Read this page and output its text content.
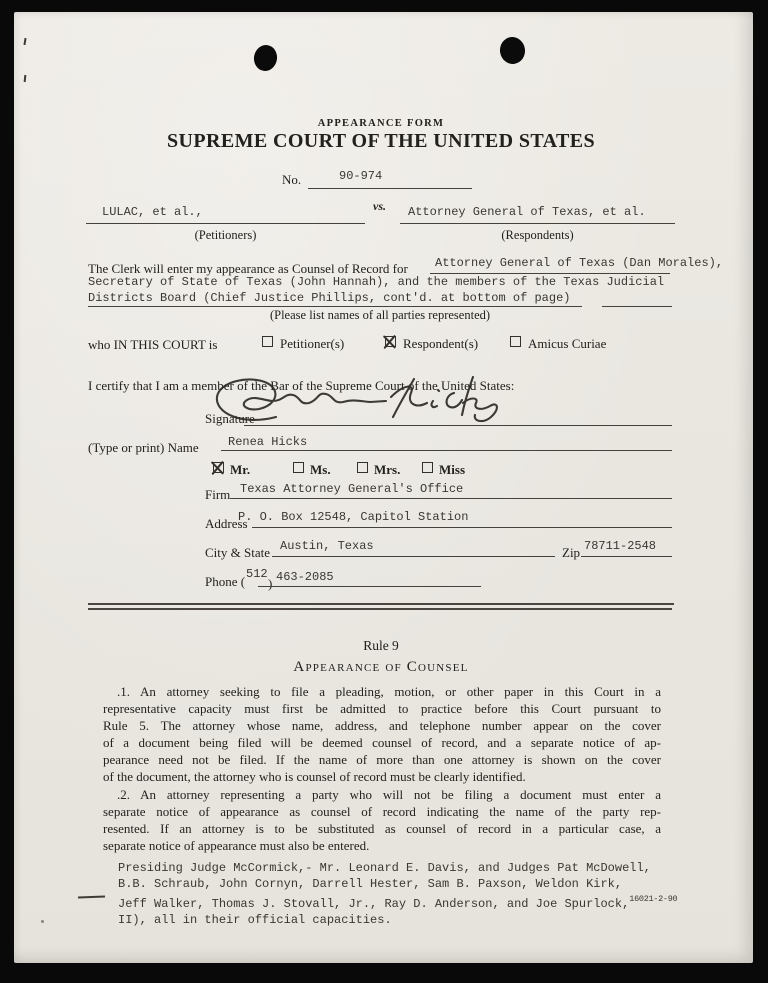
APPEARANCE FORM
SUPREME COURT OF THE UNITED STATES
No.	90-974
LULAC, et al.,	vs. Attorney General of Texas, et al.
(Petitioners)	(Respondents)
The Clerk will enter my appearance as Counsel of Record for Attorney General of Texas (Dan Morales),
Secretary of State of Texas (John Hannah), and the members of the Texas Judicial
Districts Board (Chief Justice Phillips, cont'd. at bottom of page)
(Please list names of all parties represented)
who IN THIS COURT is	Petitioner(s)	Respondent(s)	Amicus Curiae
I certify that I am a member of the Bar of the Supreme Court of the United States:
Signature
(Type or print) Name Renea Hicks
Mr.	Ms.	Mrs.	Miss
Firm Texas Attorney General's Office
Address
P. O. Box 12548, Capitol Station
City & State Austin, Texas	Zip 78711-2548
Phone ( 512
) 463-2085
Rule 9
Appearance of Counsel
.1. An attorney seeking to file a pleading, motion, or other paper in this Court in a
representative capacity must first be admitted to practice before this Court pursuant to
Rule 5. The attorney whose name, address, and telephone number appear on the cover
of a document being filed will be deemed counsel of record, and a separate notice of ap-
pearance need not be filed. If the name of more than one attorney is shown on the cover
of the document, the attorney who is counsel of record must be clearly identified.
.2. An attorney representing a party who will not be filing a document must enter a
separate notice of appearance as counsel of record indicating the name of the party rep-
resented. If an attorney is to be substituted as counsel of record in a particular case, a
separate notice of appearance must also be entered.
Presiding Judge McCormick,- Mr. Leonard E. Davis, and Judges Pat McDowell,
B.B. Schraub, John Cornyn, Darrell Hester, Sam B. Paxson, Weldon Kirk,
Jeff Walker, Thomas J. Stovall, Jr., Ray D. Anderson, and Joe Spurlock,$^{16021-2-90}$
II), all in their official capacities.
